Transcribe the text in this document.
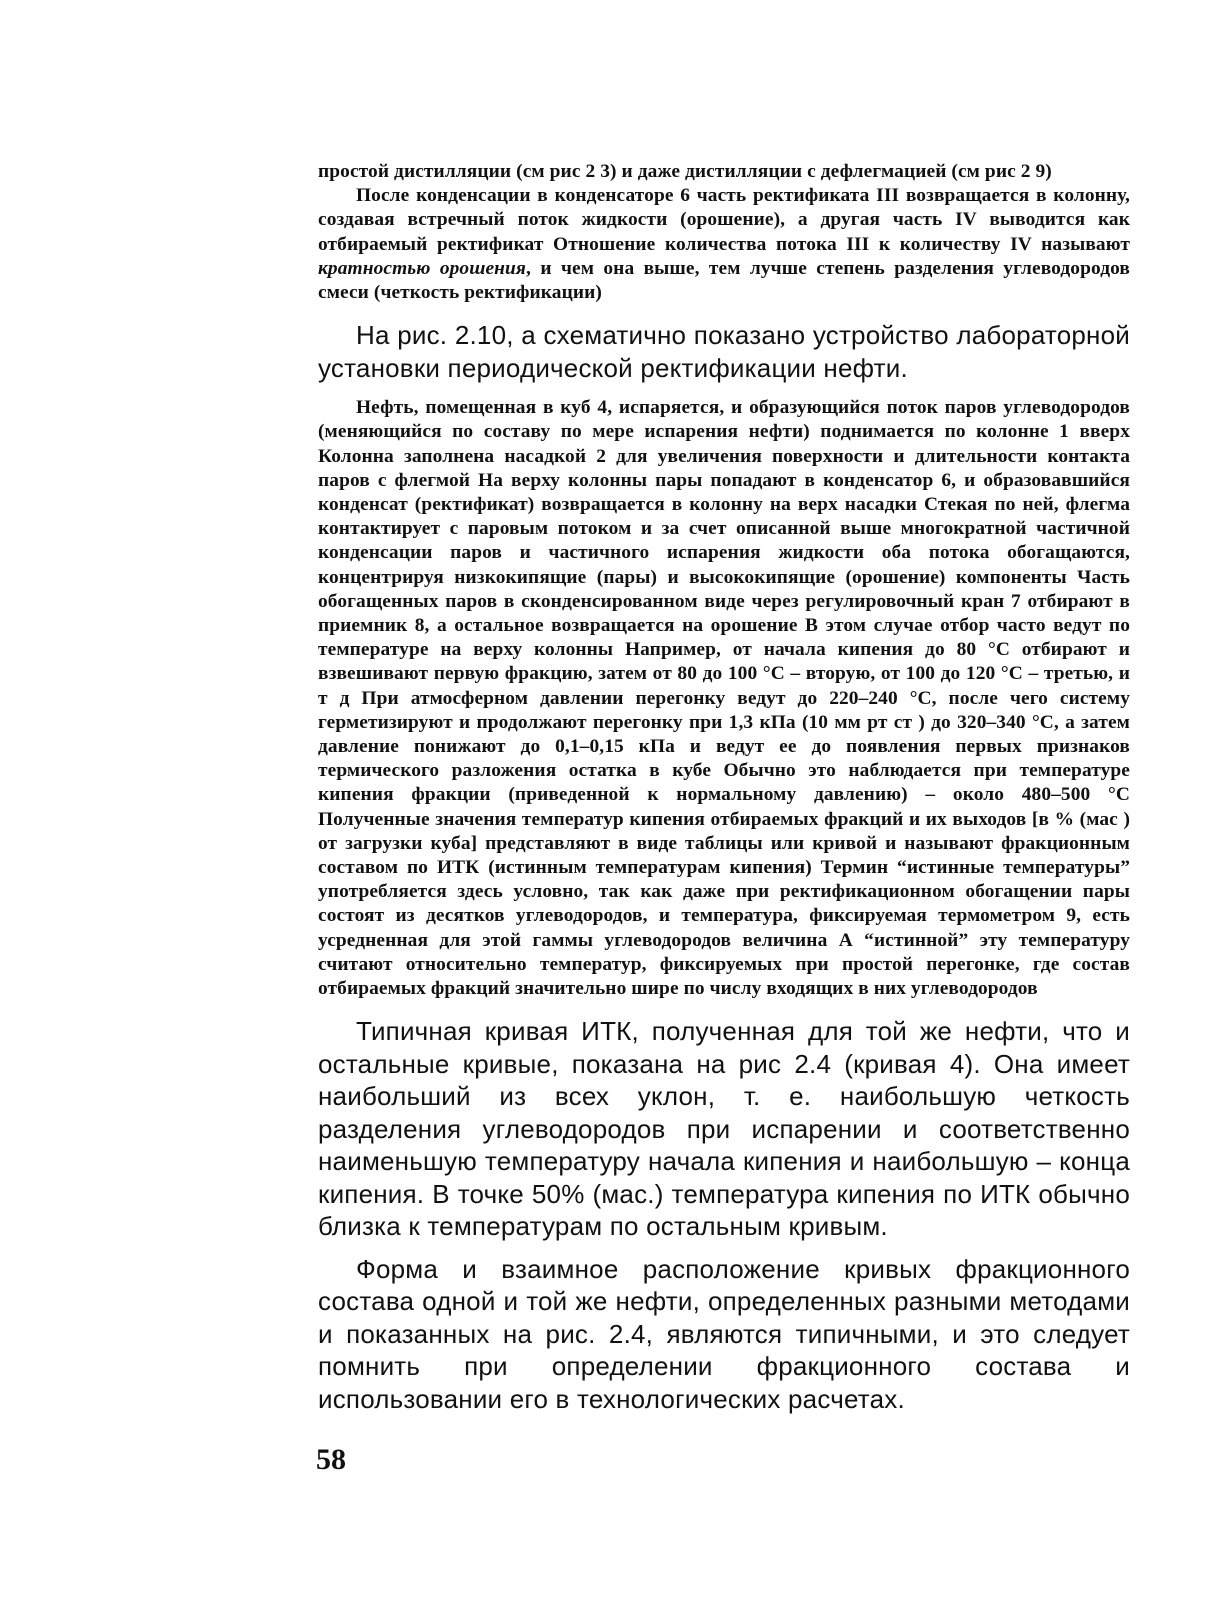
простой дистилляции (см рис 2 3) и даже дистилляции с дефлегмацией (см рис 2 9)

После конденсации в конденсаторе 6 часть ректификата III возвращается в колонну, создавая встречный поток жидкости (орошение), а другая часть IV выводится как отбираемый ректификат Отношение количества потока III к количеству IV называют кратностью орошения, и чем она выше, тем лучше степень разделения углеводородов смеси (четкость ректификации)

На рис. 2.10, а схематично показано устройство лабораторной установки периодической ректификации нефти.

Нефть, помещенная в куб 4, испаряется, и образующийся поток паров углеводородов (меняющийся по составу по мере испарения нефти) поднимается по колонне 1 вверх Колонна заполнена насадкой 2 для увеличения поверхности и длительности контакта паров с флегмой На верху колонны пары попадают в конденсатор 6, и образовавшийся конденсат (ректификат) возвращается в колонну на верх насадки Стекая по ней, флегма контактирует с паровым потоком и за счет описанной выше многократной частичной конденсации паров и частичного испарения жидкости оба потока обогащаются, концентрируя низкокипящие (пары) и высококипящие (орошение) компоненты Часть обогащенных паров в сконденсированном виде через регулировочный кран 7 отбирают в приемник 8, а остальное возвращается на орошение В этом случае отбор часто ведут по температуре на верху колонны Например, от начала кипения до 80 °С отбирают и взвешивают первую фракцию, затем от 80 до 100 °С – вторую, от 100 до 120 °С – третью, и т д При атмосферном давлении перегонку ведут до 220–240 °С, после чего систему герметизируют и продолжают перегонку при 1,3 кПа (10 мм рт ст ) до 320–340 °С, а затем давление понижают до 0,1–0,15 кПа и ведут ее до появления первых признаков термического разложения остатка в кубе Обычно это наблюдается при температуре кипения фракции (приведенной к нормальному давлению) – около 480–500 °С Полученные значения температур кипения отбираемых фракций и их выходов [в % (мас ) от загрузки куба] представляют в виде таблицы или кривой и называют фракционным составом по ИТК (истинным температурам кипения) Термин “истинные температуры” употребляется здесь условно, так как даже при ректификационном обогащении пары состоят из десятков углеводородов, и температура, фиксируемая термометром 9, есть усредненная для этой гаммы углеводородов величина А “истинной” эту температуру считают относительно температур, фиксируемых при простой перегонке, где состав отбираемых фракций значительно шире по числу входящих в них углеводородов

Типичная кривая ИТК, полученная для той же нефти, что и остальные кривые, показана на рис 2.4 (кривая 4). Она имеет наибольший из всех уклон, т. е. наибольшую четкость разделения углеводородов при испарении и соответственно наименьшую температуру начала кипения и наибольшую – конца кипения. В точке 50% (мас.) температура кипения по ИТК обычно близка к температурам по остальным кривым.

Форма и взаимное расположение кривых фракционного состава одной и той же нефти, определенных разными методами и показанных на рис. 2.4, являются типичными, и это следует помнить при определении фракционного состава и использовании его в технологических расчетах.

58
